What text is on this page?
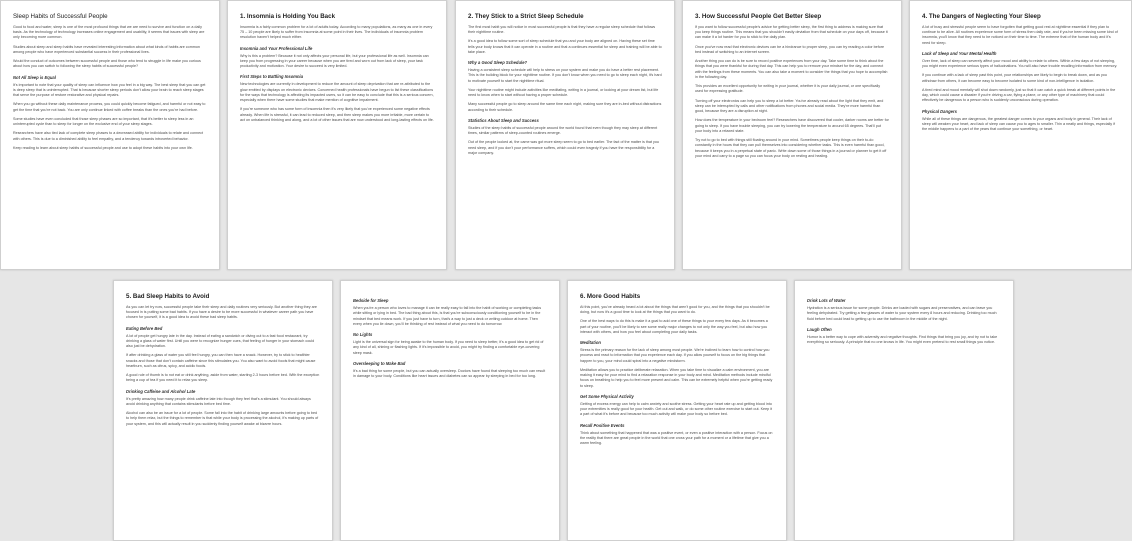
Sleep Habits of Successful People
Good to food and water, sleep is one of the most profound things that we are need to survive and function on a daily basis. As the technology of technology increases online engagement and usability, it seems that issues with sleep are only becoming more common.
Studies about sleep and sleep habits have revealed interesting information about what kinds of habits are common among people who have experienced substantial success in their professional lives.
Would the conduct of outcomes between successful people and those who tend to struggle in life make you curious about how you can switch to following the sleep habits of successful people?
Not All Sleep is Equal
It's important to note that your quality of sleep can influence how you feel in a big way. The best sleep that you can get is deep sleep that is uninterrupted. That is because shorter sleep periods don't allow your brain to reach sleep stages that serve the purpose of restore restorative and physical repairs.
When you go without these daily maintenance process, you could quickly become fatigued, and harmful or not easy to get the time that you're not back. You are only continue linked with coffee breaks than the ones you're had before.
Some studies have even concluded that those sleep phases are so important, that it's better to sleep less in an uninterrupted cycle than to sleep for longer on the exclusive end of your sleep stages.
Researchers have also tied lack of complete sleep phases to a decreased ability for individuals to relate and connect with others. This is due to a diminished ability to feel empathy, and a tendency towards introverted behavior.
Keep reading to learn about sleep habits of successful people and use to adopt these habits into your own life.
1. Insomnia is Holding You Back
Insomnia is a fairly common problem for a lot of adults today. According to many populations, as many as one in every 75 – 10 people are likely to suffer from insomnia at some point in their lives. The individuals of insomnia problem resolution haven't helped much either.
Insomnia and Your Professional Life
Why is this a problem? Because it not only affects your personal life, but your professional life as well. Insomnia can keep you from progressing in your career because when you are tired and worn out from lack of sleep, your task productivity and motivation. Your desire to succeed is very limited.
First Steps to Battling Insomnia
New technologies are currently in development to reduce the amount of sleep deprivation that are re-attributed to the glow emitted by displays on electronic devices. Concerned health professionals have begun to list these classifications for the ways that technology is affecting its impacted users, so it can be easy to conclude that this is a serious concern, especially when there have some studies that make mention of cognitive impairment.
If you're someone who has some form of insomnia then it's very likely that you've experienced some negative effects already. When life is stressful, it can lead to reduced sleep, and then sleep makes you more irritable, more certain to act on unbalanced thinking and along, and a lot of other issues that are now understood and long-lasting effects on life.
2. They Stick to a Strict Sleep Schedule
The first most habit you will notice in most successful people is that they have a regular sleep schedule that follows their nighttime routine.
It's a good idea to follow some sort of sleep schedule that you and your body are aligned on. Having these set time tells your body knows that it can operate in a routine and that a continues essential for sleep and training will be able to take place.
Why a Good Sleep Schedule?
Having a consistent sleep schedule will help to stress on your system and make you do have a better rest placement. This is the building block for your nighttime routine. If you don't know when you need to go to sleep each night, it's hard to motivate yourself to start the nighttime ritual.
Your nighttime routine might include activities like meditating, writing in a journal, or looking at your dream list, but life need to know when to start without having a proper schedule.
Many successful people go to sleep around the same time each night, making sure they are in-bed without distractions according to their schedule.
Statistics About Sleep and Success
Studies of the sleep habits of successful people around the world found that even though they may sleep at different times, similar patterns of sleep-counted routines emerge.
Out of the people looked at, the came was got more sleep seem to go to bed earlier. The fact of the matter is that you need sleep, and if you don't your performance suffers, which could even tragedy if you have the responsibility for a major company.
3. How Successful People Get Better Sleep
If you want to follow successful people's advice for getting better sleep, the first thing to address is making sure that you keep things routine. This means that you shouldn't easily deviation from that schedule on your days off, because it can make it a lot harder for you to stick to the daily plan.
Once you've now read that electronic devices can be a hindrance to proper sleep, you can try reading a color before bed instead of switching to an internet screen.
Another thing you can do is be sure to record positive experiences from your day. Take some time to think about the things that you were thankful for during that day. This can help you to remove your mindset for the day, and connect with the feelings from these moments. You can also take a moment to consider the things that you hope to accomplish in the following day.
This provides an excellent opportunity for writing in your journal, whether it is your daily journal, or one specifically used for expressing gratitude.
Turning off your electronics can help you to sleep a lot better. You've already read about the light that they emit, and sleep can be interrupted by calls and other notifications from phones and social media. They're more harmful than good, because they are a disruption at night.
How does the temperature in your bedroom feel? Researchers have discovered that cooler, darker rooms are better for going to sleep. If you have trouble sleeping, you can try lowering the temperature to around 65 degrees. That'll put your body into a relaxed state.
Try not to go to bed with things still floating around in your mind. Sometimes people keep things on their to-do constantly in the hours that they can pull themselves into considering whether tasks. This is even harmful than good, because it keeps you in a perpetual state of panic. Write down some of those things in a journal or planner to get it off your mind and carry to a page so you can focus your body on resting and healing.
4. The Dangers of Neglecting Your Sleep
A lot of busy and stressful people seem to have forgotten that getting good rest at nighttime essential if they plan to continue to be alive. All routines experience some form of stress then daily rate, and if you've been missing some kind of insomnia, you'll know that they need to be noticed on their time to time. The extreme that of the human body and it's need for sleep.
Lack of Sleep and Your Mental Health
Over time, lack of sleep can severely affect your mood and ability to relate to others. Within a few days of not sleeping, you might even experience serious types of hallucinations. You will also have trouble recalling information from memory.
If you continue with a lack of sleep past this point, your relationships are likely to begin to break down, and as you withdraw from others, it can become easy to become isolated to some kind of non-intelligence in isolation.
A tired mind and mood mentally will shut down randomly, just so that it can catch a quick break at different points in the day, which could cause a disaster if you're driving a car, flying a plane, or any other type of machinery that could effectively be dangerous to a person who is suddenly unconscious during operation.
Physical Dangers
While all of these things are dangerous, the greatest danger comes to your organs and body in general. Their lack of sleep will weaken your heart, and lack of sleep can cause you to ages to smaller. Thin a neatly and things, especially if the middle happens to a part of the years that continue your something, or heart.
5. Bad Sleep Habits to Avoid
As you can let try now, successful people take their sleep and daily routines very seriously. But another thing they are focused in is putting some bad habits. If you have a desire to be more successful in whatever career path you have chosen for yourself, it is a good idea to avoid these bad sleep habits.
Eating Before Bed
A lot of people get hungry late in the day. Instead of eating a sandwich or diving out to a fast food restaurant, try drinking a glass of water first. Until you were to recognize hunger cues, that feeling of hunger in your stomach could also just be dehydration.
If after drinking a glass of water you still feel hungry, you can then have a snack. However, try to stick to healthier snacks and those that don't contain caffeine since this stimulates you. You also want to avoid foods that might cause heartburn, such as citrus, spicy, and acidic foods.
A good rule of thumb is to not eat or drink anything, aside from water, starting 2-3 hours before bed. With the exception being a cup of tea if you need it to relax you sleep.
Drinking Caffeine and Alcohol Late
It's pretty amazing how many people drink caffeine late into though they feel that's a stimulant. You should always avoid drinking anything that contains stimulants before bed time.
Alcohol can also be an issue for a lot of people. Some fall into the habit of drinking large amounts before going to bed to help them relax, but the things to remember is that while your body is processing the alcohol, it's making up parts of your system, and this will actually result in you suddenly finding yourself awake at bizarre hours.
Bedside for Sleep
When you're a person who loves to manage it can be really easy to fall into the habit of working or completing tasks while sitting or lying in bed. The bad thing about this, is that you're subconsciously conditioning yourself to be in the mindset that bed means work. If you just have to turn, that's a way to just a deck or writing outdoor at home. Then every when you lie down, you'll be thinking of rest instead of what you need to do tomorrow.
No Lights
Light is the universal sign for being awake to the human body. If you need to sleep better, it's a good idea to get rid of any kind of all, shining or flashing lights. If it's impossible to avoid, you might try finding a comfortable eye-covering sleep mask.
Oversleeping to Make Bad
It's a bad thing for some people, but you can actually oversleep. Doctors have found that sleeping too much can result in damage to your body. Conditions like heart issues and diabetes can so appear by sleeping in bed for too long.
6. More Good Habits
At this point, you've already heard a lot about the things that aren't good for you, and the things that you shouldn't be doing, but now it's a good time to look at the things that you want to do.
One of the best ways to do this is make it a goal to add one of these things to your every few days. As it becomes a part of your routine, you'll be likely to see some really major changes to not only the way you feel, but also how you interact with others, and how you feel about completing your daily tasks.
Meditation
Stress is the primary reason for the lack of sleep among most people. We're inclined to learn how to control how you process and react to information that you experience each day. If you allow yourself to focus on the big things that happen to you, your mind could spiral into a negative mindstorm.
Meditation allows you to practice deliberate relaxation. When you take time to visualize a calm environment, you are making it easy for your mind to find a relaxation response in your body and mind. Meditation methods include mindful focus on breathing to help you to feel more present and calm. This can be extremely helpful when you're getting ready to sleep.
Get Some Physical Activity
Getting of excess energy can help to calm anxiety and soothe stress. Getting your heart rate up and getting blood into your extremities is really good for your health. Get out and walk, or do some other routine exercise to start out. Keep it a part of what it's before and because too much activity will make your body so before bed.
Recall Positive Events
Think about something that happened that was a positive event, or even a positive interaction with a person. Focus on the reality that there are great people in the world that one cross your path for a moment or a lifetime that give you a warm feeling.
Drink Lots of Water
Hydration is a serious issue for some people. Drinks are loaded with sugars and preservatives, and can leave you feeling dehydrated. Try getting a few glasses of water to your system every 8 hours and reducing. Drinking too much fluid before bed could lead to getting up to use the bathroom in the middle of the night.
Laugh Often
Humor is a better way to cope with adversity and negative thoughts. Find things that bring you joy, and try not to take everything so seriously. A principle that no one knows in life. You might even pretend to rest small things you notice.
